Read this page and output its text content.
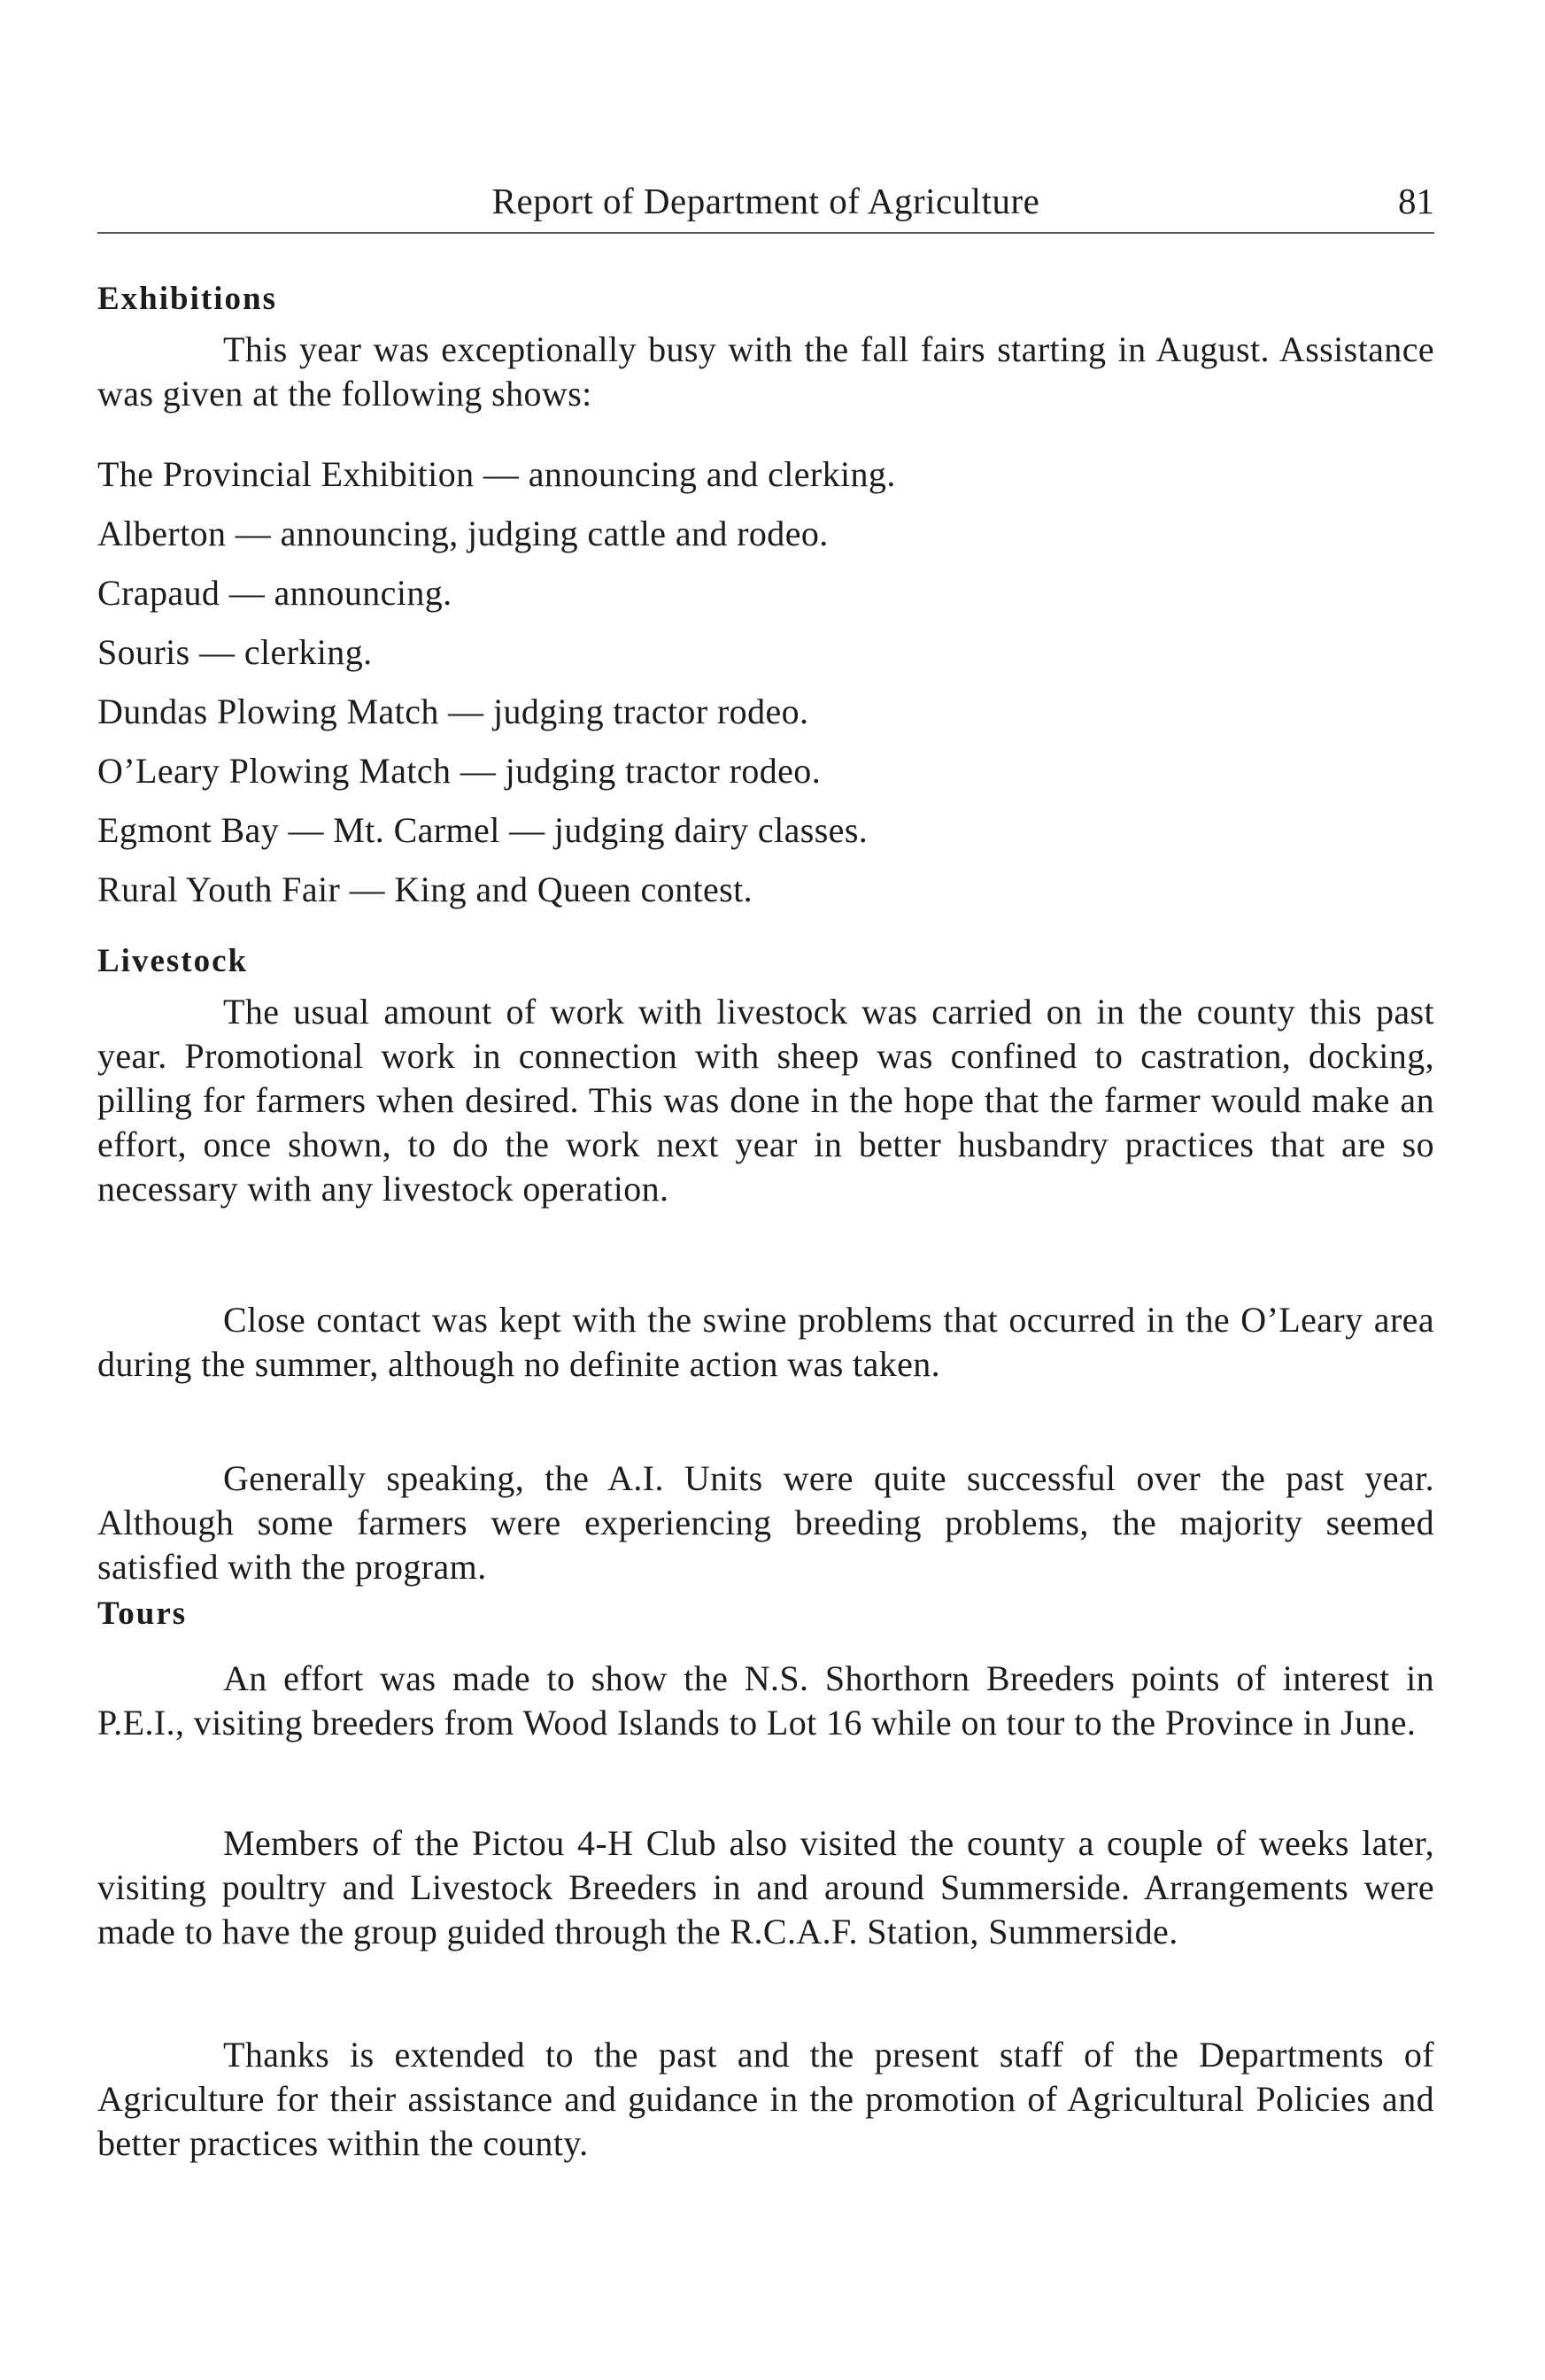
Report of Department of Agriculture	81
Exhibitions

This year was exceptionally busy with the fall fairs starting in August. Assistance was given at the following shows:

The Provincial Exhibition — announcing and clerking.
Alberton — announcing, judging cattle and rodeo.
Crapaud — announcing.
Souris — clerking.
Dundas Plowing Match — judging tractor rodeo.
O’Leary Plowing Match — judging tractor rodeo.
Egmont Bay — Mt. Carmel — judging dairy classes.
Rural Youth Fair — King and Queen contest.
Livestock

The usual amount of work with livestock was carried on in the county this past year. Promotional work in connection with sheep was confined to castration, docking, pilling for farmers when desired. This was done in the hope that the farmer would make an effort, once shown, to do the work next year in better husbandry practices that are so necessary with any livestock operation.

Close contact was kept with the swine problems that occurred in the O’Leary area during the summer, although no definite action was taken.

Generally speaking, the A.I. Units were quite successful over the past year. Although some farmers were experiencing breeding problems, the majority seemed satisfied with the program.

Tours

An effort was made to show the N.S. Shorthorn Breeders points of interest in P.E.I., visiting breeders from Wood Islands to Lot 16 while on tour to the Province in June.

Members of the Pictou 4-H Club also visited the county a couple of weeks later, visiting poultry and Livestock Breeders in and around Summerside. Arrangements were made to have the group guided through the R.C.A.F. Station, Summerside.

Thanks is extended to the past and the present staff of the Departments of Agriculture for their assistance and guidance in the promotion of Agricultural Policies and better practices within the county.
